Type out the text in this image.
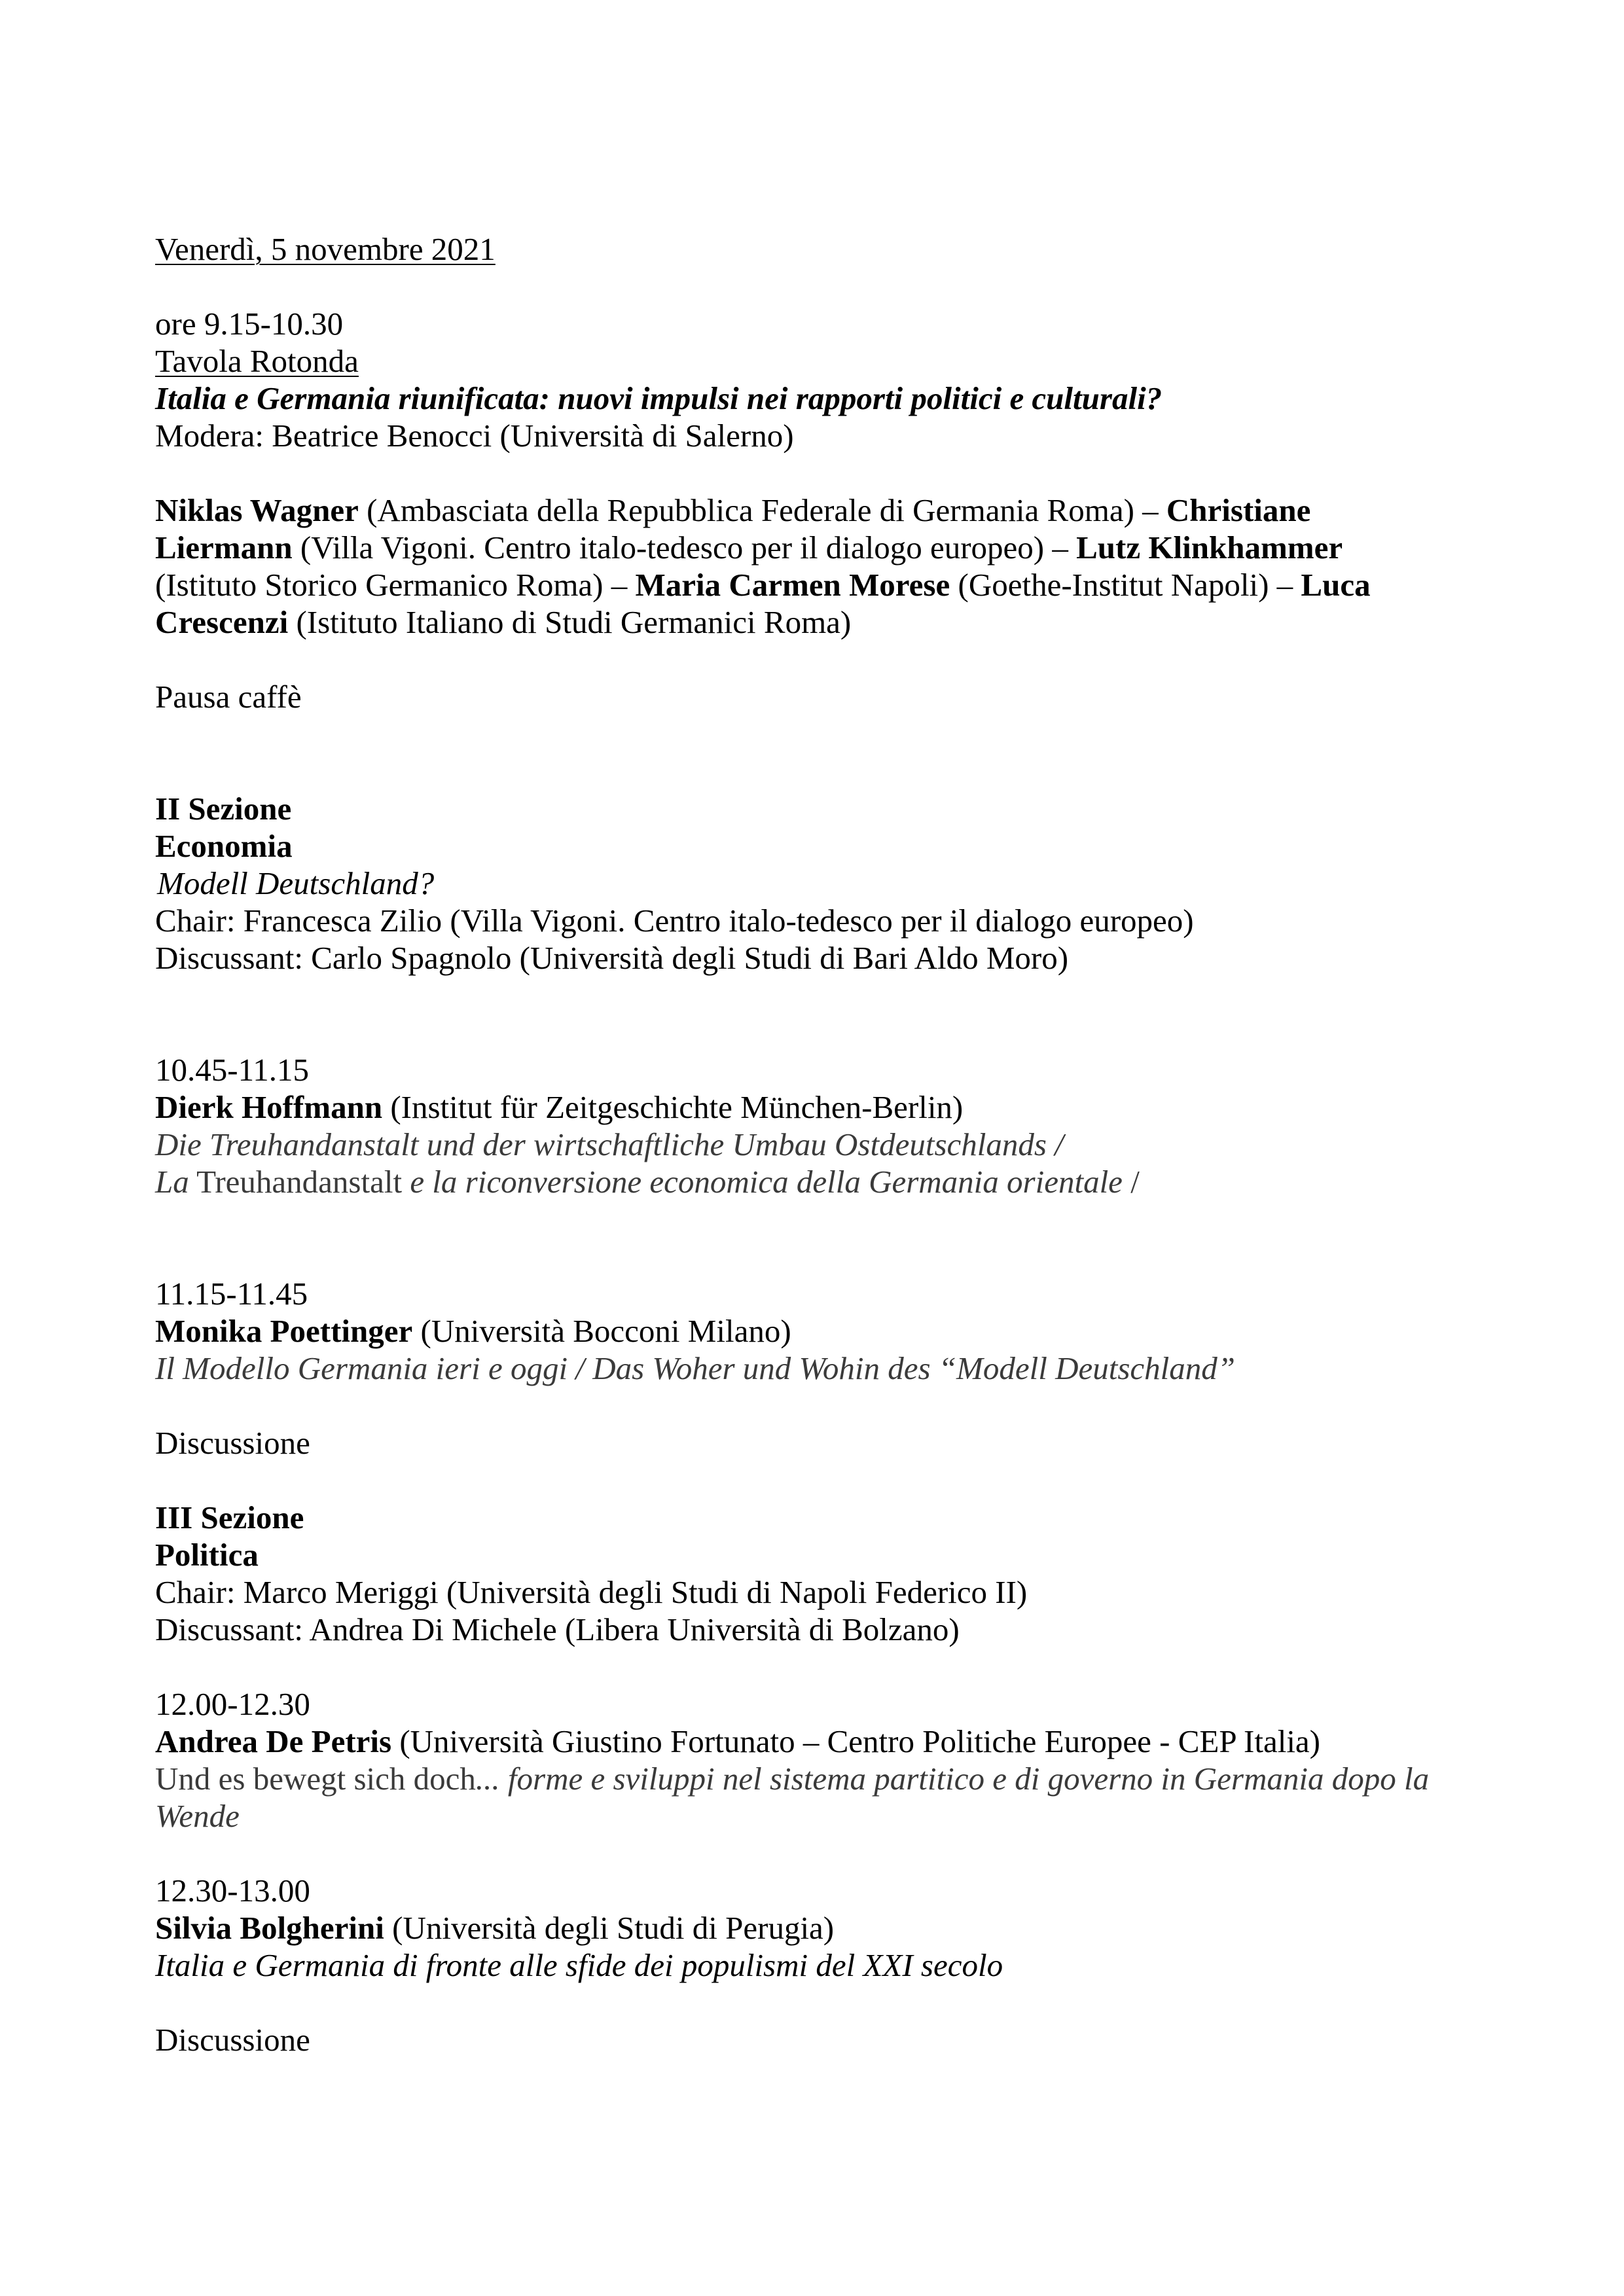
Venerdì, 5 novembre 2021
ore 9.15-10.30
Tavola Rotonda
Italia e Germania riunificata: nuovi impulsi nei rapporti politici e culturali?
Modera: Beatrice Benocci (Università di Salerno)
Niklas Wagner (Ambasciata della Repubblica Federale di Germania Roma) – Christiane
Liermann (Villa Vigoni. Centro italo-tedesco per il dialogo europeo) – Lutz Klinkhammer
(Istituto Storico Germanico Roma) – Maria Carmen Morese (Goethe-Institut Napoli) – Luca
Crescenzi (Istituto Italiano di Studi Germanici Roma)
Pausa caffè
II Sezione
Economia
Modell Deutschland?
Chair: Francesca Zilio (Villa Vigoni. Centro italo-tedesco per il dialogo europeo)
Discussant: Carlo Spagnolo (Università degli Studi di Bari Aldo Moro)
10.45-11.15
Dierk Hoffmann (Institut für Zeitgeschichte München-Berlin)
Die Treuhandanstalt und der wirtschaftliche Umbau Ostdeutschlands /
La Treuhandanstalt e la riconversione economica della Germania orientale /
11.15-11.45
Monika Poettinger (Università Bocconi Milano)
Il Modello Germania ieri e oggi / Das Woher und Wohin des “Modell Deutschland”
Discussione
III Sezione
Politica
Chair: Marco Meriggi (Università degli Studi di Napoli Federico II)
Discussant: Andrea Di Michele (Libera Università di Bolzano)
12.00-12.30
Andrea De Petris (Università Giustino Fortunato – Centro Politiche Europee - CEP Italia)
Und es bewegt sich doch... forme e sviluppi nel sistema partitico e di governo in Germania dopo la
Wende
12.30-13.00
Silvia Bolgherini (Università degli Studi di Perugia)
Italia e Germania di fronte alle sfide dei populismi del XXI secolo
Discussione
